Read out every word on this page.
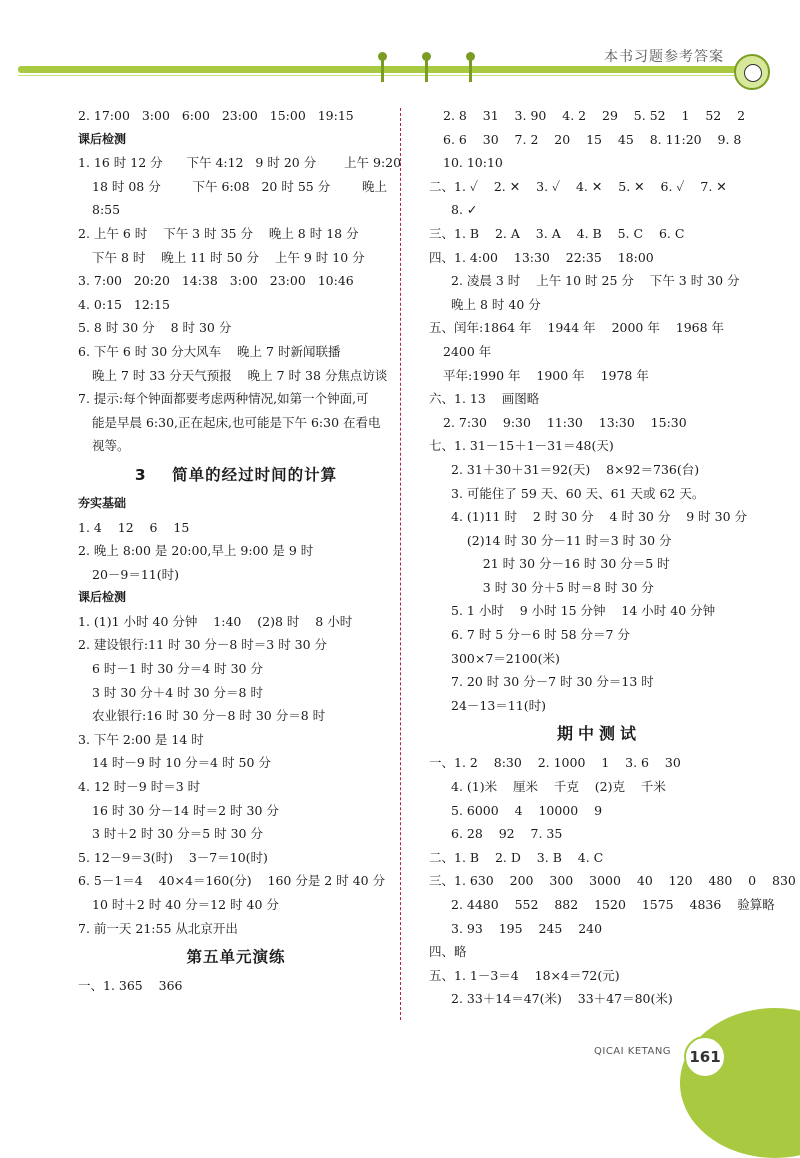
本书习题参考答案
2. 17:00   3:00   6:00   23:00   15:00   19:15
课后检测
1. 16 时 12 分      下午 4:12   9 时 20 分       上午 9:20
18 时 08 分        下午 6:08   20 时 55 分        晚上
8:55
2. 上午 6 时    下午 3 时 35 分    晚上 8 时 18 分
下午 8 时    晚上 11 时 50 分    上午 9 时 10 分
3. 7:00   20:20   14:38   3:00   23:00   10:46
4. 0:15   12:15
5. 8 时 30 分    8 时 30 分
6. 下午 6 时 30 分大风车    晚上 7 时新闻联播
晚上 7 时 33 分天气预报    晚上 7 时 38 分焦点访谈
7. 提示:每个钟面都要考虑两种情况,如第一个钟面,可
能是早晨 6:30,正在起床,也可能是下午 6:30 在看电
视等。
3    简单的经过时间的计算
夯实基础
1. 4    12    6    15
2. 晚上 8:00 是 20:00,早上 9:00 是 9 时
20－9＝11(时)
课后检测
1. (1)1 小时 40 分钟    1:40    (2)8 时    8 小时
2. 建设银行:11 时 30 分－8 时＝3 时 30 分
6 时－1 时 30 分＝4 时 30 分
3 时 30 分＋4 时 30 分＝8 时
农业银行:16 时 30 分－8 时 30 分＝8 时
3. 下午 2:00 是 14 时
14 时－9 时 10 分＝4 时 50 分
4. 12 时－9 时＝3 时
16 时 30 分－14 时＝2 时 30 分
3 时＋2 时 30 分＝5 时 30 分
5. 12－9＝3(时)    3－7＝10(时)
6. 5－1＝4    40×4＝160(分)    160 分是 2 时 40 分
10 时＋2 时 40 分＝12 时 40 分
7. 前一天 21:55 从北京开出
第五单元演练
一、1. 365    366
2. 8    31    3. 90    4. 2    29    5. 52    1    52    2
6. 6    30    7. 2    20    15    45    8. 11:20    9. 8
10. 10:10
二、1. ✓    2. ✕    3. ✓    4. ✕    5. ✕    6. ✓    7. ✕
8. ✓
三、1. B    2. A    3. A    4. B    5. C    6. C
四、1. 4:00    13:30    22:35    18:00
2. 凌晨 3 时    上午 10 时 25 分    下午 3 时 30 分
晚上 8 时 40 分
五、闰年:1864 年    1944 年    2000 年    1968 年
2400 年
平年:1990 年    1900 年    1978 年
六、1. 13    画图略
2. 7:30    9:30    11:30    13:30    15:30
七、1. 31－15＋1－31＝48(天)
2. 31＋30＋31＝92(天)    8×92＝736(台)
3. 可能住了 59 天、60 天、61 天或 62 天。
4. (1)11 时    2 时 30 分    4 时 30 分    9 时 30 分
(2)14 时 30 分－11 时＝3 时 30 分
21 时 30 分－16 时 30 分＝5 时
3 时 30 分＋5 时＝8 时 30 分
5. 1 小时    9 小时 15 分钟    14 小时 40 分钟
6. 7 时 5 分－6 时 58 分＝7 分
300×7＝2100(米)
7. 20 时 30 分－7 时 30 分＝13 时
24－13＝11(时)
期中测试
一、1. 2    8:30    2. 1000    1    3. 6    30
4. (1)米    厘米    千克    (2)克    千米
5. 6000    4    10000    9
6. 28    92    7. 35
二、1. B    2. D    3. B    4. C
三、1. 630    200    300    3000    40    120    480    0    830
2. 4480    552    882    1520    1575    4836    验算略
3. 93    195    245    240
四、略
五、1. 1－3＝4    18×4＝72(元)
2. 33＋14＝47(米)    33＋47＝80(米)
QICAI KETANG	161
